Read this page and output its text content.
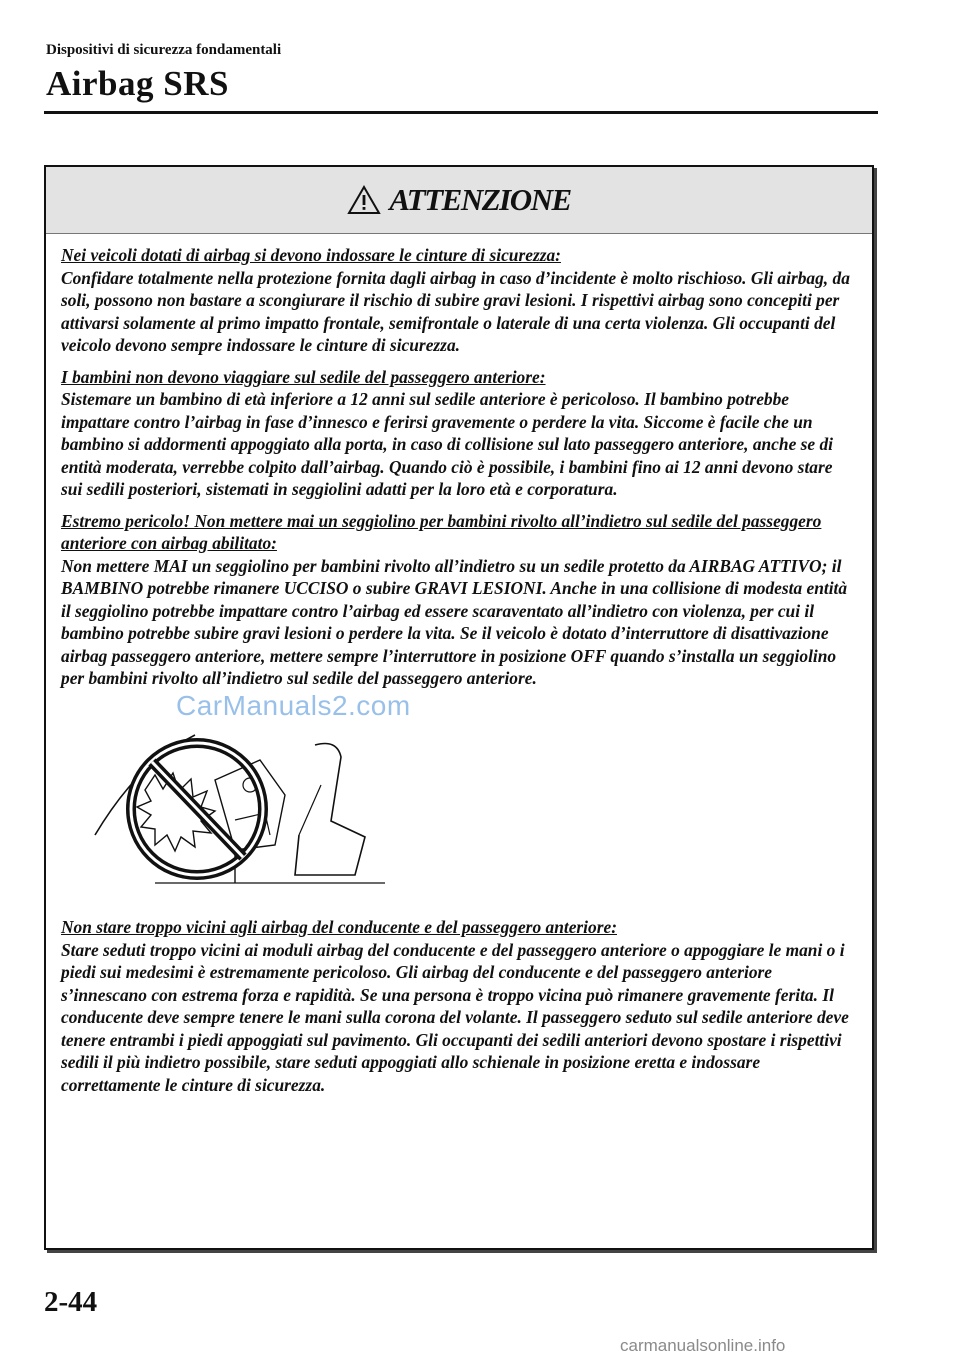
Dispositivi di sicurezza fondamentali
Airbag SRS
ATTENZIONE

Nei veicoli dotati di airbag si devono indossare le cinture di sicurezza:
Confidare totalmente nella protezione fornita dagli airbag in caso d’incidente è molto rischioso. Gli airbag, da soli, possono non bastare a scongiurare il rischio di subire gravi lesioni. I rispettivi airbag sono concepiti per attivarsi solamente al primo impatto frontale, semifrontale o laterale di una certa violenza. Gli occupanti del veicolo devono sempre indossare le cinture di sicurezza.

I bambini non devono viaggiare sul sedile del passeggero anteriore:
Sistemare un bambino di età inferiore a 12 anni sul sedile anteriore è pericoloso. Il bambino potrebbe impattare contro l’airbag in fase d’innesco e ferirsi gravemente o perdere la vita. Siccome è facile che un bambino si addormenti appoggiato alla porta, in caso di collisione sul lato passeggero anteriore, anche se di entità moderata, verrebbe colpito dall’airbag. Quando ciò è possibile, i bambini fino ai 12 anni devono stare sui sedili posteriori, sistemati in seggiolini adatti per la loro età e corporatura.

Estremo pericolo! Non mettere mai un seggiolino per bambini rivolto all’indietro sul sedile del passeggero anteriore con airbag abilitato:
Non mettere MAI un seggiolino per bambini rivolto all’indietro su un sedile protetto da AIRBAG ATTIVO; il BAMBINO potrebbe rimanere UCCISO o subire GRAVI LESIONI. Anche in una collisione di modesta entità il seggiolino potrebbe impattare contro l’airbag ed essere scaraventato all’indietro con violenza, per cui il bambino potrebbe subire gravi lesioni o perdere la vita. Se il veicolo è dotato d’interruttore di disattivazione airbag passeggero anteriore, mettere sempre l’interruttore in posizione OFF quando s’installa un seggiolino per bambini rivolto all’indietro sul sedile del passeggero anteriore.

Non stare troppo vicini agli airbag del conducente e del passeggero anteriore:
Stare seduti troppo vicini ai moduli airbag del conducente e del passeggero anteriore o appoggiare le mani o i piedi sui medesimi è estremamente pericoloso. Gli airbag del conducente e del passeggero anteriore s’innescano con estrema forza e rapidità. Se una persona è troppo vicina può rimanere gravemente ferita. Il conducente deve sempre tenere le mani sulla corona del volante. Il passeggero seduto sul sedile anteriore deve tenere entrambi i piedi appoggiati sul pavimento. Gli occupanti dei sedili anteriori devono spostare i rispettivi sedili il più indietro possibile, stare seduti appoggiati allo schienale in posizione eretta e indossare correttamente le cinture di sicurezza.

2-44
CarManuals2.com
carmanualsonline.info
